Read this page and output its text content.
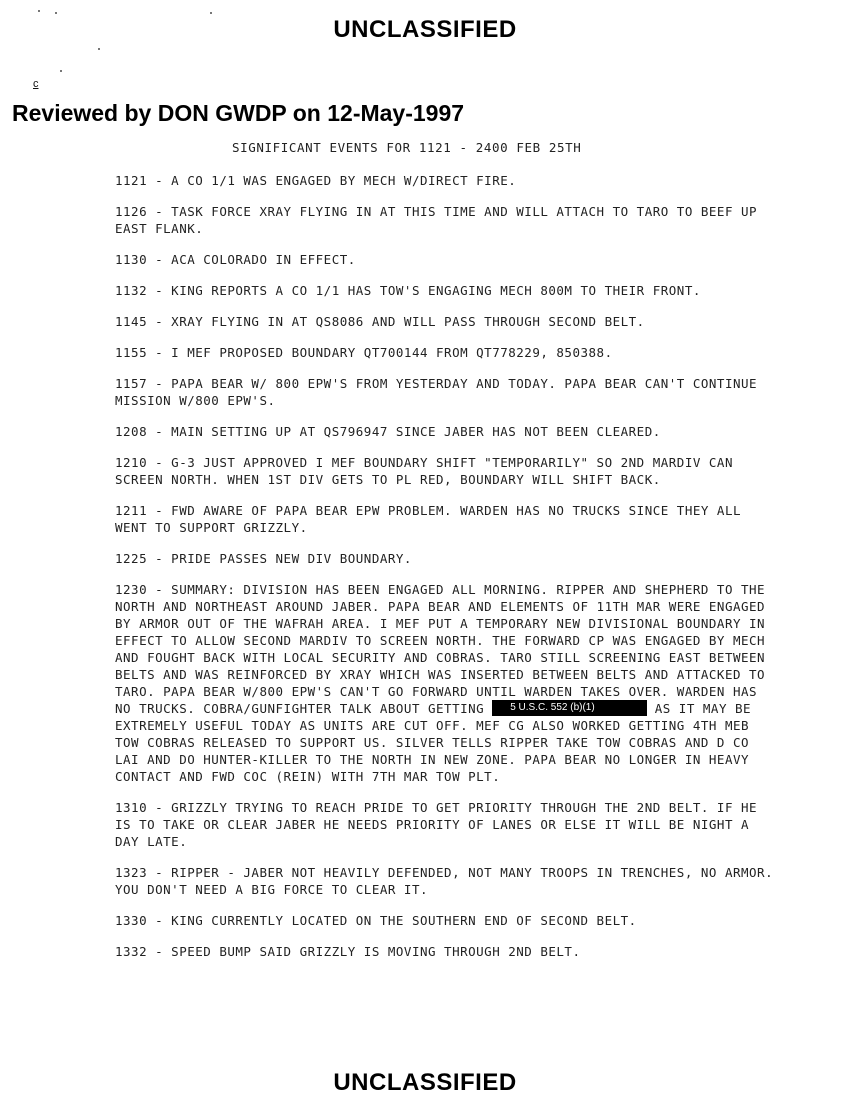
UNCLASSIFIED
c
Reviewed by DON GWDP on 12-May-1997
SIGNIFICANT EVENTS FOR 1121 - 2400 FEB 25TH

1121 - A CO 1/1 WAS ENGAGED BY MECH W/DIRECT FIRE.

1126 - TASK FORCE XRAY FLYING IN AT THIS TIME AND WILL ATTACH TO TARO TO BEEF UP EAST FLANK.

1130 - ACA COLORADO IN EFFECT.

1132 - KING REPORTS A CO 1/1 HAS TOW'S ENGAGING MECH 800M TO THEIR FRONT.

1145 - XRAY FLYING IN AT QS8086 AND WILL PASS THROUGH SECOND BELT.

1155 - I MEF PROPOSED BOUNDARY QT700144 FROM QT778229, 850388.

1157 - PAPA BEAR W/ 800 EPW'S FROM YESTERDAY AND TODAY. PAPA BEAR CAN'T CONTINUE MISSION W/800 EPW'S.

1208 - MAIN SETTING UP AT QS796947 SINCE JABER HAS NOT BEEN CLEARED.

1210 - G-3 JUST APPROVED I MEF BOUNDARY SHIFT "TEMPORARILY" SO 2ND MARDIV CAN SCREEN NORTH. WHEN 1ST DIV GETS TO PL RED, BOUNDARY WILL SHIFT BACK.

1211 - FWD AWARE OF PAPA BEAR EPW PROBLEM. WARDEN HAS NO TRUCKS SINCE THEY ALL WENT TO SUPPORT GRIZZLY.

1225 - PRIDE PASSES NEW DIV BOUNDARY.

1230 - SUMMARY: DIVISION HAS BEEN ENGAGED ALL MORNING. RIPPER AND SHEPHERD TO THE NORTH AND NORTHEAST AROUND JABER. PAPA BEAR AND ELEMENTS OF 11TH MAR WERE ENGAGED BY ARMOR OUT OF THE WAFRAH AREA. I MEF PUT A TEMPORARY NEW DIVISIONAL BOUNDARY IN EFFECT TO ALLOW SECOND MARDIV TO SCREEN NORTH. THE FORWARD CP WAS ENGAGED BY MECH AND FOUGHT BACK WITH LOCAL SECURITY AND COBRAS. TARO STILL SCREENING EAST BETWEEN BELTS AND WAS REINFORCED BY XRAY WHICH WAS INSERTED BETWEEN BELTS AND ATTACKED TO TARO. PAPA BEAR W/800 EPW'S CAN'T GO FORWARD UNTIL WARDEN TAKES OVER. WARDEN HAS NO TRUCKS. COBRA/GUNFIGHTER TALK ABOUT GETTING	5 U.S.C. 552 (b)(1)	AS IT MAY BE EXTREMELY USEFUL TODAY AS UNITS ARE CUT OFF. MEF CG ALSO WORKED GETTING 4TH MEB TOW COBRAS RELEASED TO SUPPORT US. SILVER TELLS RIPPER TAKE TOW COBRAS AND D CO LAI AND DO HUNTER-KILLER TO THE NORTH IN NEW ZONE. PAPA BEAR NO LONGER IN HEAVY CONTACT AND FWD COC (REIN) WITH 7TH MAR TOW PLT.

1310 - GRIZZLY TRYING TO REACH PRIDE TO GET PRIORITY THROUGH THE 2ND BELT. IF HE IS TO TAKE OR CLEAR JABER HE NEEDS PRIORITY OF LANES OR ELSE IT WILL BE NIGHT A DAY LATE.

1323 - RIPPER - JABER NOT HEAVILY DEFENDED, NOT MANY TROOPS IN TRENCHES, NO ARMOR. YOU DON'T NEED A BIG FORCE TO CLEAR IT.

1330 - KING CURRENTLY LOCATED ON THE SOUTHERN END OF SECOND BELT.

1332 - SPEED BUMP SAID GRIZZLY IS MOVING THROUGH 2ND BELT.

UNCLASSIFIED
